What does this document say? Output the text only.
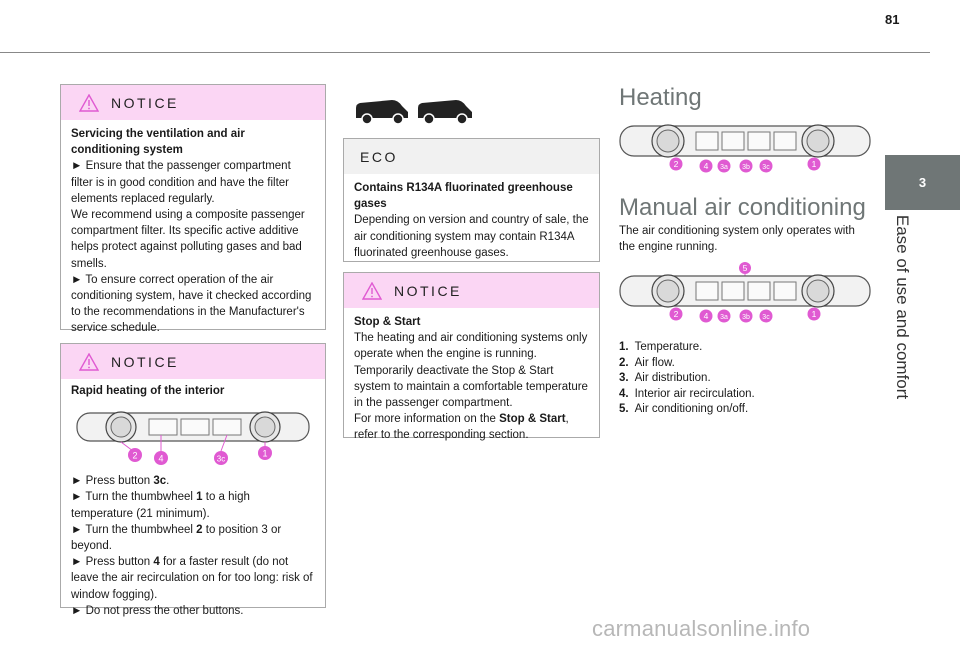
81
3
Ease of use and comfort
NOTICE

Servicing the ventilation and air conditioning system

► Ensure that the passenger compartment filter is in good condition and have the filter elements replaced regularly.

We recommend using a composite passenger compartment filter. Its specific active additive helps protect against polluting gases and bad smells.

► To ensure correct operation of the air conditioning system, have it checked according to the recommendations in the Manufacturer's service schedule.

NOTICE

Rapid heating of the interior

2 4	3c
1

► Press button 3c.

► Turn the thumbwheel 1 to a high temperature (21 minimum).

► Turn the thumbwheel 2 to position 3 or beyond.

► Press button 4 for a faster result (do not leave the air recirculation on for too long: risk of window fogging).

► Do not press the other buttons.

ECO

Contains R134A fluorinated greenhouse gases

Depending on version and country of sale, the air conditioning system may contain R134A fluorinated greenhouse gases.

NOTICE

Stop & Start

The heating and air conditioning systems only operate when the engine is running.

Temporarily deactivate the Stop & Start system to maintain a comfortable temperature in the passenger compartment.

For more information on the Stop & Start, refer to the corresponding section.

Heating
2	4 3a 3b 3c	1
Manual air conditioning
The air conditioning system only operates with the engine running.
5
2	4 3a 3b 3c	1
1. Temperature.
2. Air flow.
3. Air distribution.
4. Interior air recirculation.
5. Air conditioning on/off.
carmanualsonline.info
